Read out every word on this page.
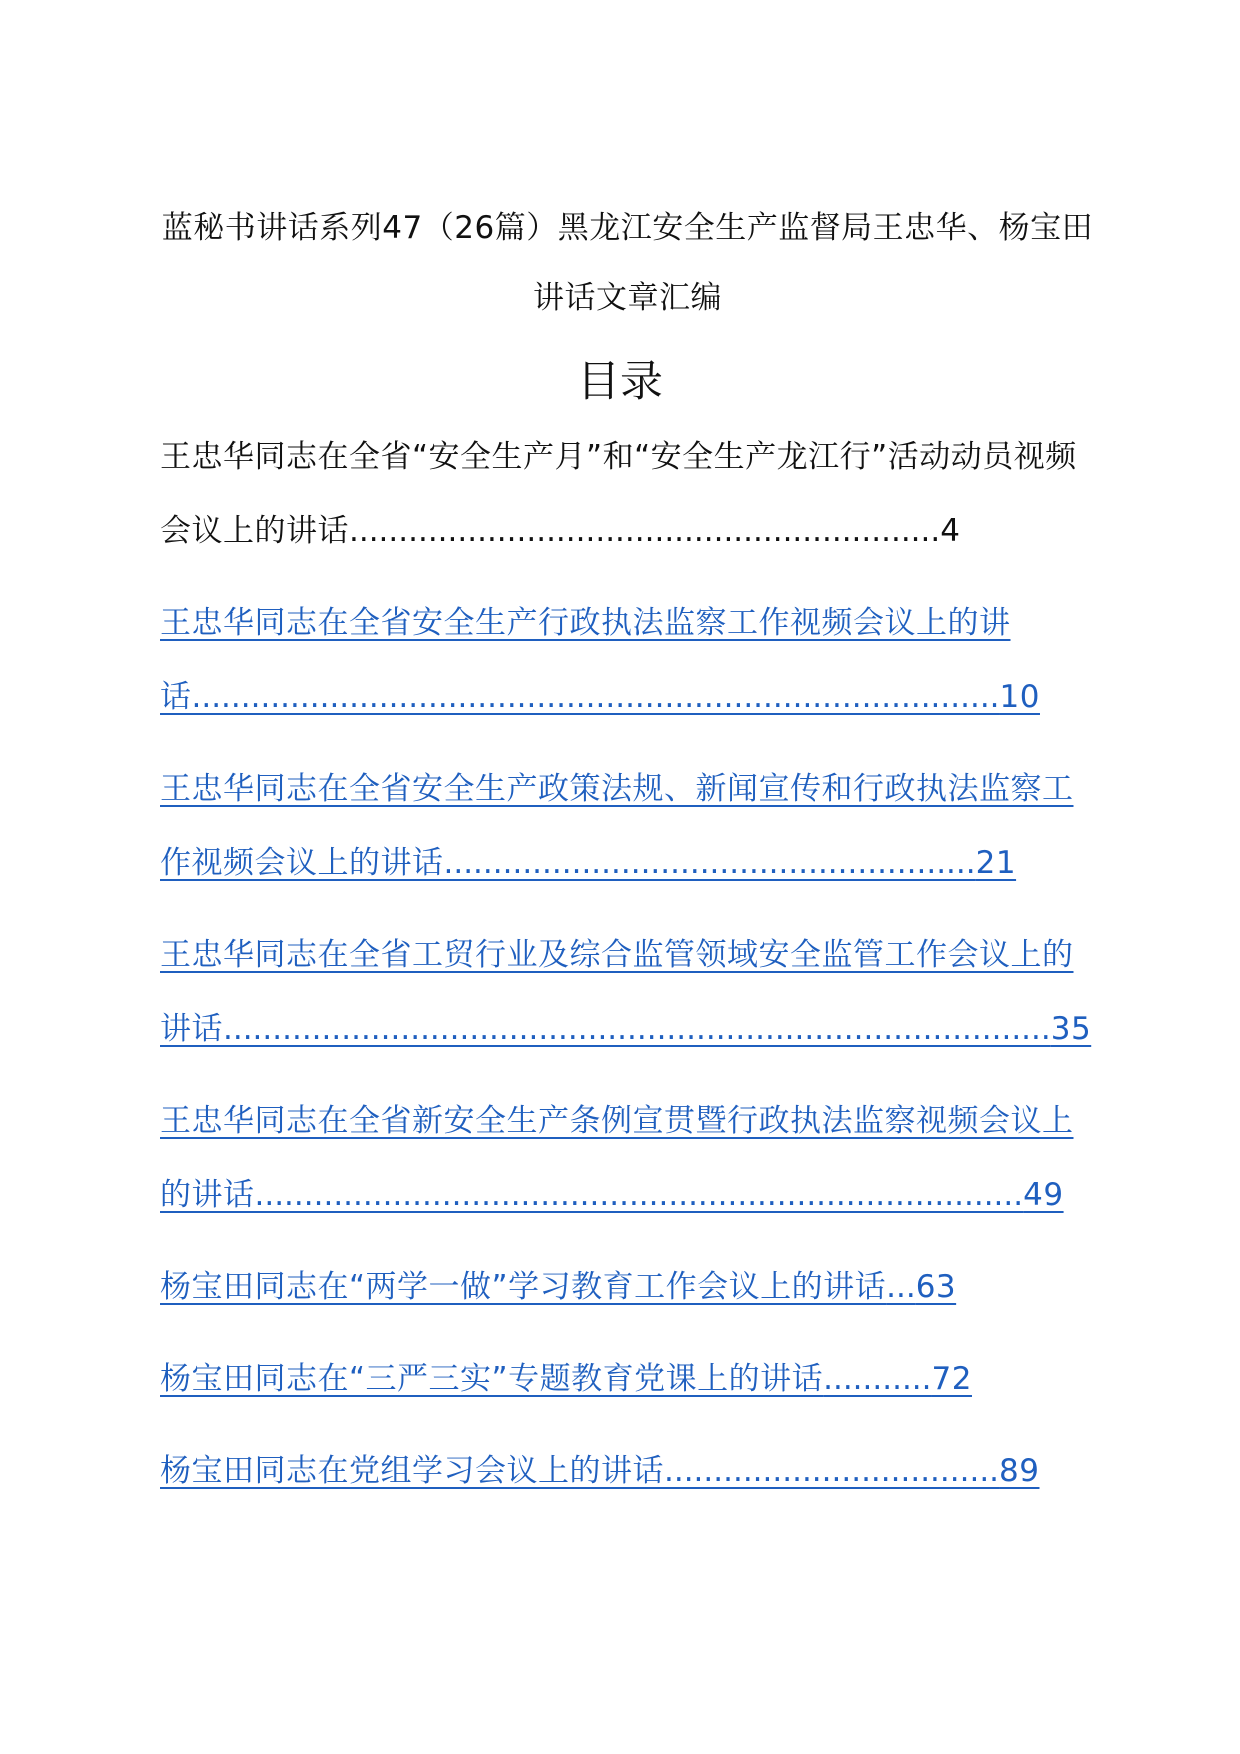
蓝秘书讲话系列47（26篇）黑龙江安全生产监督局王忠华、杨宝田讲话文章汇编
目录
王忠华同志在全省“安全生产月”和“安全生产龙江行”活动动员视频会议上的讲话............................................................4
王忠华同志在全省安全生产行政执法监察工作视频会议上的讲话..................................................................................10
王忠华同志在全省安全生产政策法规、新闻宣传和行政执法监察工作视频会议上的讲话......................................................21
王忠华同志在全省工贸行业及综合监管领域安全监管工作会议上的讲话....................................................................................35
王忠华同志在全省新安全生产条例宣贯暨行政执法监察视频会议上的讲话..............................................................................49
杨宝田同志在“两学一做”学习教育工作会议上的讲话...63
杨宝田同志在“三严三实”专题教育党课上的讲话...........72
杨宝田同志在党组学习会议上的讲话..................................89
